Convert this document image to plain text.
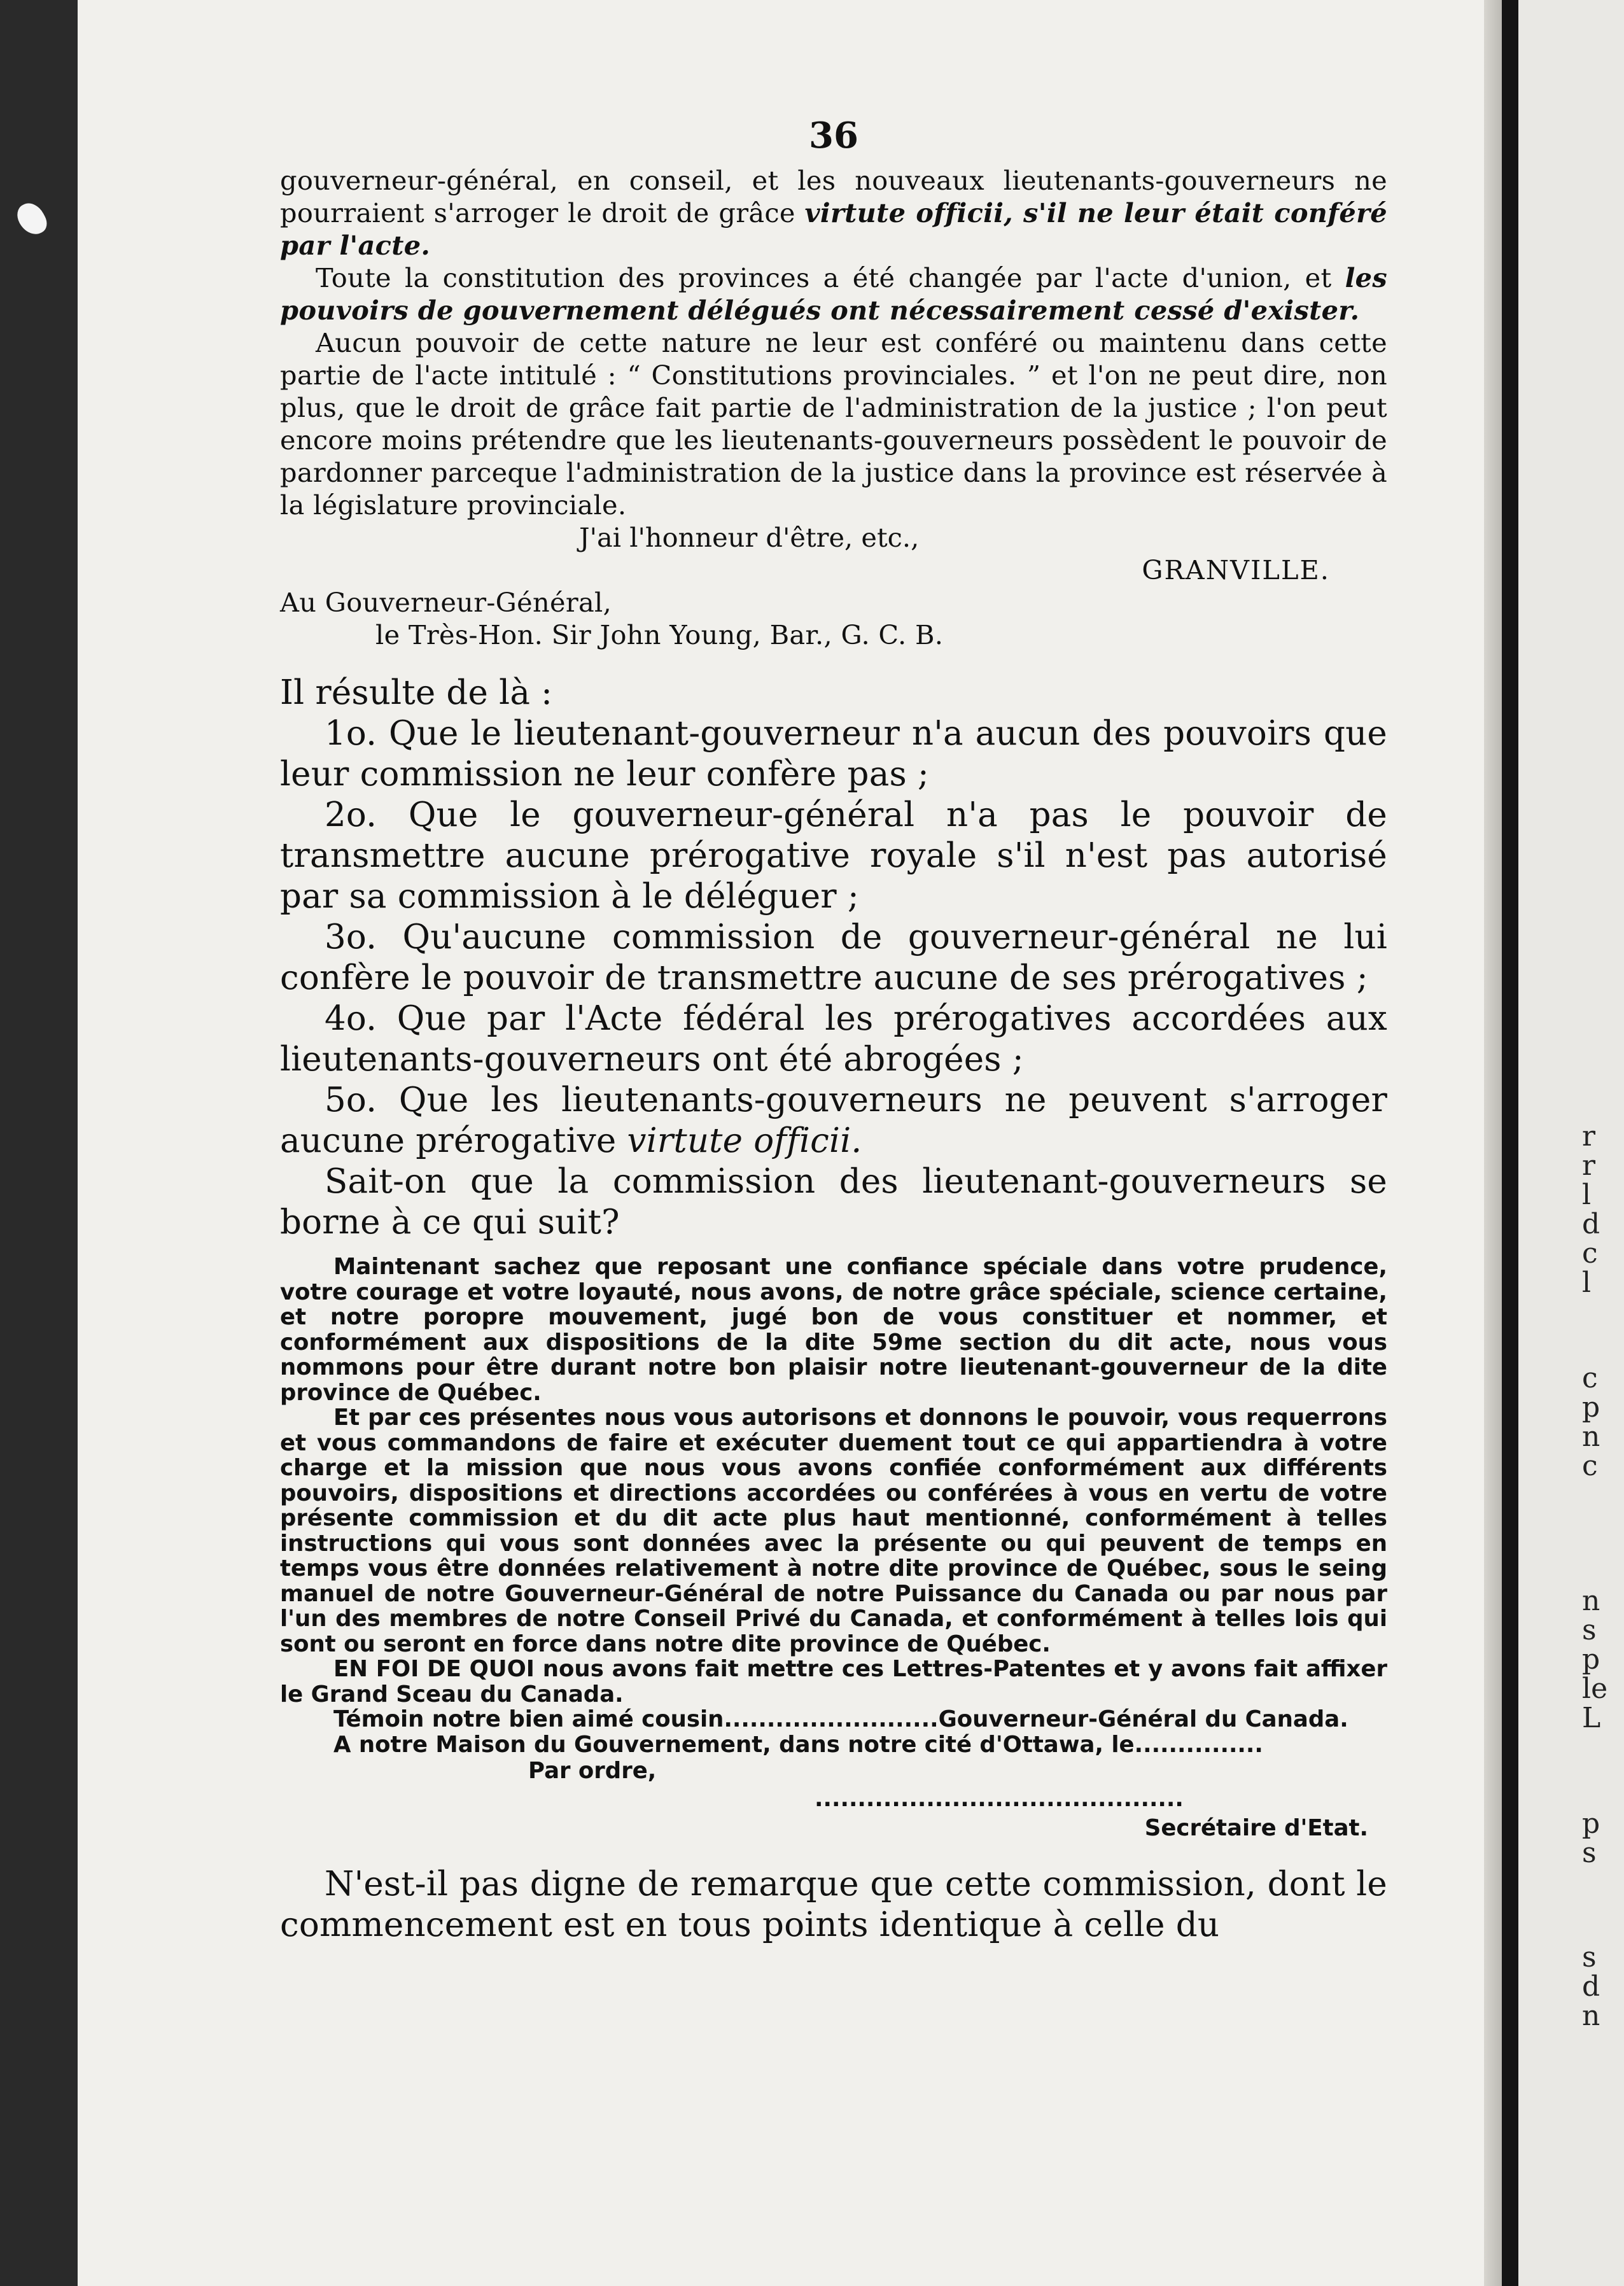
r
r
l
d
c
l
c
p
n
c
n
s
p
le
L
p
s
s
d
n
36

gouverneur-général, en conseil, et les nouveaux lieutenants-gouverneurs ne pourraient s'arroger le droit de grâce virtute officii, s'il ne leur était conféré par l'acte.

Toute la constitution des provinces a été changée par l'acte d'union, et les pouvoirs de gouvernement délégués ont nécessairement cessé d'exister.

Aucun pouvoir de cette nature ne leur est conféré ou maintenu dans cette partie de l'acte intitulé : “ Constitutions provinciales. ” et l'on ne peut dire, non plus, que le droit de grâce fait partie de l'administration de la justice ; l'on peut encore moins prétendre que les lieutenants-gouverneurs possèdent le pouvoir de pardonner parceque l'administration de la justice dans la province est réservée à la législature provinciale.

J'ai l'honneur d'être, etc.,

GRANVILLE.

Au Gouverneur-Général,

le Très-Hon. Sir John Young, Bar., G. C. B.

Il résulte de là :

1o. Que le lieutenant-gouverneur n'a aucun des pouvoirs que leur commission ne leur confère pas ;

2o. Que le gouverneur-général n'a pas le pouvoir de transmettre aucune prérogative royale s'il n'est pas autorisé par sa commission à le déléguer ;

3o. Qu'aucune commission de gouverneur-général ne lui confère le pouvoir de transmettre aucune de ses prérogatives ;

4o. Que par l'Acte fédéral les prérogatives accordées aux lieutenants-gouverneurs ont été abrogées ;

5o. Que les lieutenants-gouverneurs ne peuvent s'arroger aucune prérogative virtute officii.

Sait-on que la commission des lieutenant-gouverneurs se borne à ce qui suit?

Maintenant sachez que reposant une confiance spéciale dans votre prudence, votre courage et votre loyauté, nous avons, de notre grâce spéciale, science certaine, et notre poropre mouvement, jugé bon de vous constituer et nommer, et conformément aux dispositions de la dite 59me section du dit acte, nous vous nommons pour être durant notre bon plaisir notre lieutenant-gouverneur de la dite province de Québec.

Et par ces présentes nous vous autorisons et donnons le pouvoir, vous requerrons et vous commandons de faire et exécuter duement tout ce qui appartiendra à votre charge et la mission que nous vous avons confiée conformément aux différents pouvoirs, dispositions et directions accordées ou conférées à vous en vertu de votre présente commission et du dit acte plus haut mentionné, conformément à telles instructions qui vous sont données avec la présente ou qui peuvent de temps en temps vous être données relativement à notre dite province de Québec, sous le seing manuel de notre Gouverneur-Général de notre Puissance du Canada ou par nous par l'un des membres de notre Conseil Privé du Canada, et conformément à telles lois qui sont ou seront en force dans notre dite province de Québec.

EN FOI DE QUOI nous avons fait mettre ces Lettres-Patentes et y avons fait affixer le Grand Sceau du Canada.

Témoin notre bien aimé cousin.........................Gouverneur-Général du Canada.

A notre Maison du Gouvernement, dans notre cité d'Ottawa, le...............

Par ordre,

...........................................

Secrétaire d'Etat.

N'est-il pas digne de remarque que cette commission, dont le commencement est en tous points identique à celle du
